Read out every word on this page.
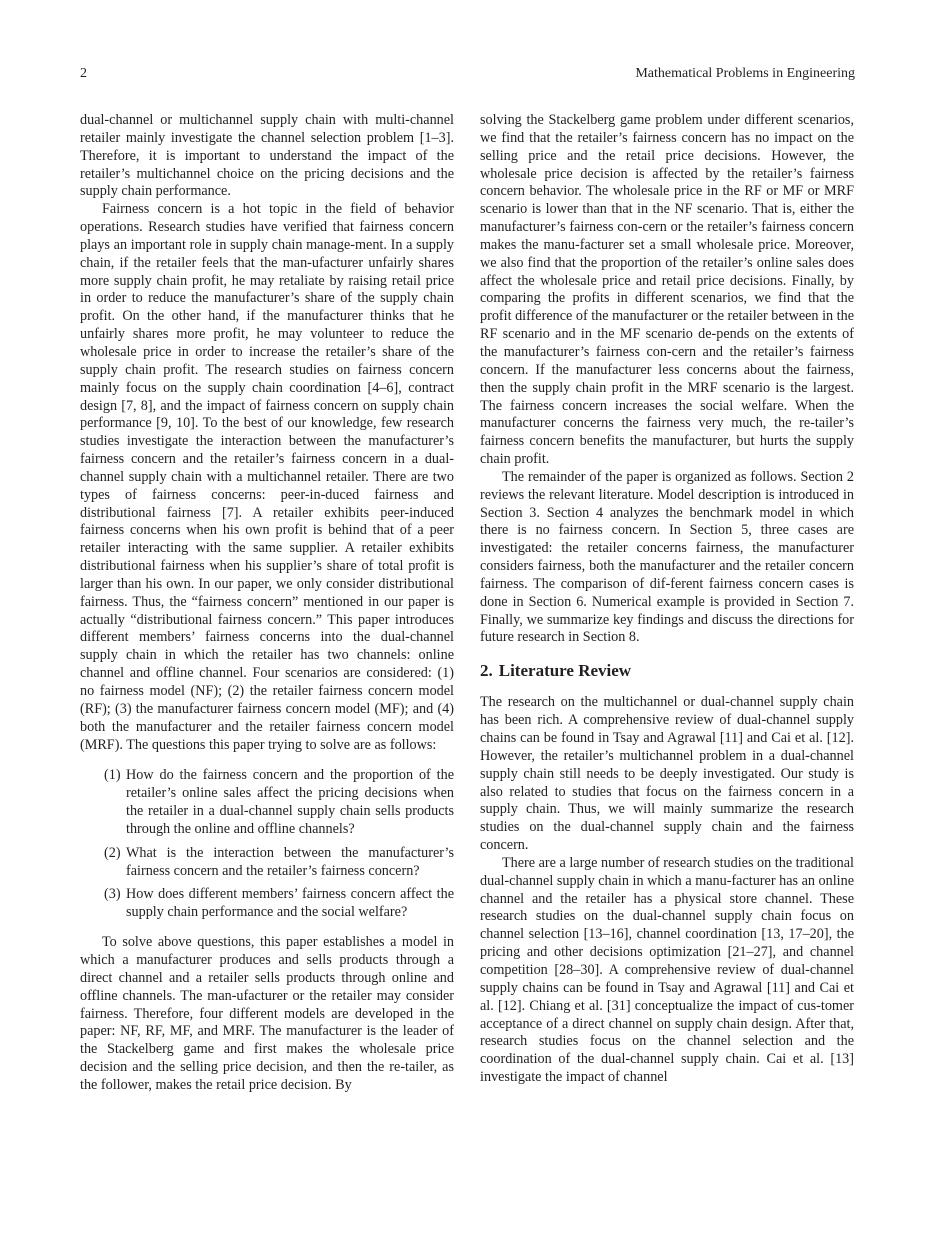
2	Mathematical Problems in Engineering

dual-channel or multichannel supply chain with multi-channel retailer mainly investigate the channel selection problem [1–3]. Therefore, it is important to understand the impact of the retailer’s multichannel choice on the pricing decisions and the supply chain performance.

Fairness concern is a hot topic in the field of behavior operations. Research studies have verified that fairness concern plays an important role in supply chain manage-ment. In a supply chain, if the retailer feels that the man-ufacturer unfairly shares more supply chain profit, he may retaliate by raising retail price in order to reduce the manufacturer’s share of the supply chain profit. On the other hand, if the manufacturer thinks that he unfairly shares more profit, he may volunteer to reduce the wholesale price in order to increase the retailer’s share of the supply chain profit. The research studies on fairness concern mainly focus on the supply chain coordination [4–6], contract design [7, 8], and the impact of fairness concern on supply chain performance [9, 10]. To the best of our knowledge, few research studies investigate the interaction between the manufacturer’s fairness concern and the retailer’s fairness concern in a dual-channel supply chain with a multichannel retailer. There are two types of fairness concerns: peer-in-duced fairness and distributional fairness [7]. A retailer exhibits peer-induced fairness concerns when his own profit is behind that of a peer retailer interacting with the same supplier. A retailer exhibits distributional fairness when his supplier’s share of total profit is larger than his own. In our paper, we only consider distributional fairness. Thus, the “fairness concern” mentioned in our paper is actually “distributional fairness concern.” This paper introduces different members’ fairness concerns into the dual-channel supply chain in which the retailer has two channels: online channel and offline channel. Four scenarios are considered: (1) no fairness model (NF); (2) the retailer fairness concern model (RF); (3) the manufacturer fairness concern model (MF); and (4) both the manufacturer and the retailer fairness concern model (MRF). The questions this paper trying to solve are as follows:

(1) How do the fairness concern and the proportion of the retailer’s online sales affect the pricing decisions when the retailer in a dual-channel supply chain sells products through the online and offline channels?
(2) What is the interaction between the manufacturer’s fairness concern and the retailer’s fairness concern?
(3) How does different members’ fairness concern affect the supply chain performance and the social welfare?

To solve above questions, this paper establishes a model in which a manufacturer produces and sells products through a direct channel and a retailer sells products through online and offline channels. The man-ufacturer or the retailer may consider fairness. Therefore, four different models are developed in the paper: NF, RF, MF, and MRF. The manufacturer is the leader of the Stackelberg game and first makes the wholesale price decision and the selling price decision, and then the re-tailer, as the follower, makes the retail price decision. By

solving the Stackelberg game problem under different scenarios, we find that the retailer’s fairness concern has no impact on the selling price and the retail price decisions. However, the wholesale price decision is affected by the retailer’s fairness concern behavior. The wholesale price in the RF or MF or MRF scenario is lower than that in the NF scenario. That is, either the manufacturer’s fairness con-cern or the retailer’s fairness concern makes the manu-facturer set a small wholesale price. Moreover, we also find that the proportion of the retailer’s online sales does affect the wholesale price and retail price decisions. Finally, by comparing the profits in different scenarios, we find that the profit difference of the manufacturer or the retailer between in the RF scenario and in the MF scenario de-pends on the extents of the manufacturer’s fairness con-cern and the retailer’s fairness concern. If the manufacturer less concerns about the fairness, then the supply chain profit in the MRF scenario is the largest. The fairness concern increases the social welfare. When the manufacturer concerns the fairness very much, the re-tailer’s fairness concern benefits the manufacturer, but hurts the supply chain profit.

The remainder of the paper is organized as follows. Section 2 reviews the relevant literature. Model description is introduced in Section 3. Section 4 analyzes the benchmark model in which there is no fairness concern. In Section 5, three cases are investigated: the retailer concerns fairness, the manufacturer considers fairness, both the manufacturer and the retailer concern fairness. The comparison of dif-ferent fairness concern cases is done in Section 6. Numerical example is provided in Section 7. Finally, we summarize key findings and discuss the directions for future research in Section 8.

2. Literature Review

The research on the multichannel or dual-channel supply chain has been rich. A comprehensive review of dual-channel supply chains can be found in Tsay and Agrawal [11] and Cai et al. [12]. However, the retailer’s multichannel problem in a dual-channel supply chain still needs to be deeply investigated. Our study is also related to studies that focus on the fairness concern in a supply chain. Thus, we will mainly summarize the research studies on the dual-channel supply chain and the fairness concern.

There are a large number of research studies on the traditional dual-channel supply chain in which a manu-facturer has an online channel and the retailer has a physical store channel. These research studies on the dual-channel supply chain focus on channel selection [13–16], channel coordination [13, 17–20], the pricing and other decisions optimization [21–27], and channel competition [28–30]. A comprehensive review of dual-channel supply chains can be found in Tsay and Agrawal [11] and Cai et al. [12]. Chiang et al. [31] conceptualize the impact of cus-tomer acceptance of a direct channel on supply chain design. After that, research studies focus on the channel selection and the coordination of the dual-channel supply chain. Cai et al. [13] investigate the impact of channel
